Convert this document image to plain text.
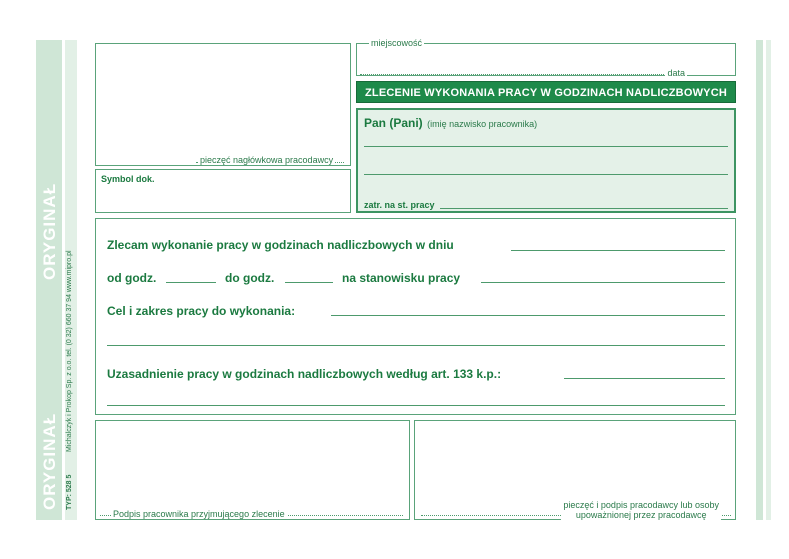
ORYGINAŁ
ORYGINAŁ
Michalczyk i Prokop Sp. z o.o. tel. (0 32) 660 37 94 www.mipro.pl
TYP: 528 5
pieczęć nagłówkowa pracodawcy
Symbol dok.
miejscowość
data
ZLECENIE WYKONANIA PRACY W GODZINACH NADLICZBOWYCH
Pan (Pani) (imię nazwisko pracownika)
zatr. na st. pracy
Zlecam wykonanie pracy w godzinach nadliczbowych w dniu
od godz.	do godz.	na stanowisku pracy
Cel i zakres pracy do wykonania:
Uzasadnienie pracy w godzinach nadliczbowych według art. 133 k.p.:
Podpis pracownika przyjmującego zlecenie
pieczęć i podpis pracodawcy lub osoby
upoważnionej przez pracodawcę
